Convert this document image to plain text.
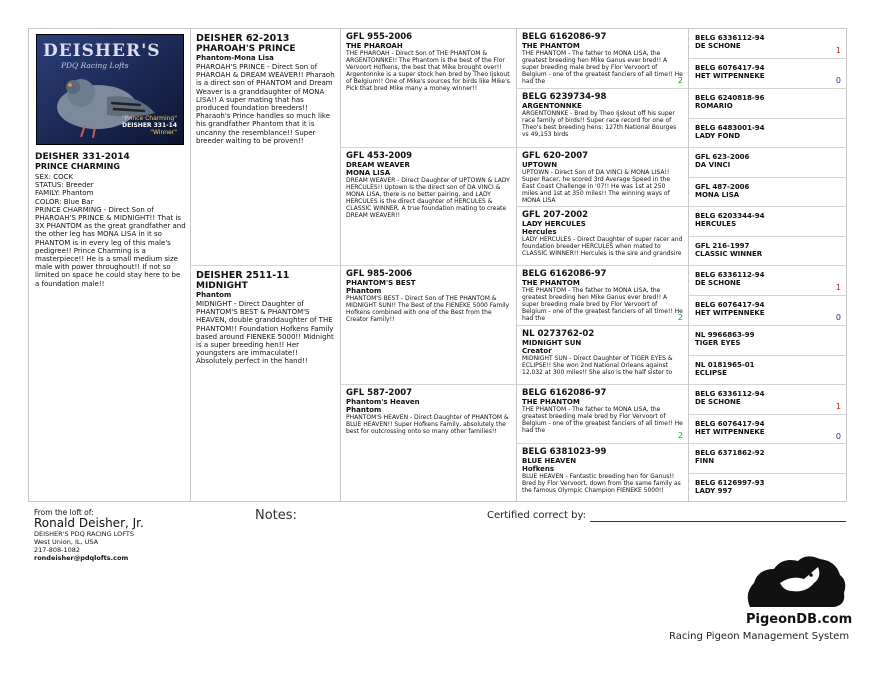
DEISHER'S
PDQ Racing Lofts
"Prince Charming"
DEISHER 331-14
"Winner"
DEISHER 331-2014
PRINCE CHARMING
SEX: COCK
STATUS: Breeder
FAMILY: Phantom
COLOR: Blue Bar
PRINCE CHARMING - Direct Son of PHAROAH'S PRINCE & MIDNIGHT!! That is 3X PHANTOM as the great grandfather and the other leg has MONA LISA in it so PHANTOM is in every leg of this male's pedigree!! Prince Charming is a masterpiece!! He is a small medium size male with power throughout!! If not so limited on space he could stay here to be a foundation male!!
DEISHER 62-2013
PHAROAH'S PRINCE
Phantom-Mona Lisa
PHAROAH'S PRINCE - Direct Son of PHAROAH & DREAM WEAVER!! Pharaoh is a direct son of PHANTOM and Dream Weaver is a granddaughter of MONA LISA!! A super mating that has produced foundation breeders!! Pharaoh's Prince handles so much like his grandfather Phantom that it is uncanny the resemblance!! Super breeder waiting to be proven!!
DEISHER 2511-11
MIDNIGHT
Phantom
MIDNIGHT - Direct Daughter of PHANTOM'S BEST & PHANTOM'S HEAVEN, double granddaughter of THE PHANTOM!! Foundation Hofkens Family based around FIENEKE 5000!! Midnight is a super breeding hen!! Her youngsters are immaculate!! Absolutely perfect in the hand!!
GFL 955-2006
THE PHAROAH
THE PHAROAH - Direct Son of THE PHANTOM & ARGENTONNKE!! The Phantom is the best of the Flor Vervoort Hofkens, the best that Mike brought over!! Argentonnke is a super stock hen bred by Theo Ijskout of Belgium!! One of Mike's sources for birds like Mike's Pick that bred Mike many a money winner!!
GFL 453-2009
DREAM WEAVER
MONA LISA
DREAM WEAVER - Direct Daughter of UPTOWN & LADY HERCULES!! Uptown is the direct son of DA VINCI & MONA LISA, there is no better pairing, and LADY HERCULES is the direct daughter of HERCULES & CLASSIC WINNER. A true foundation mating to create DREAM WEAVER!!
GFL 985-2006
PHANTOM'S BEST
Phantom
PHANTOM'S BEST - Direct Son of THE PHANTOM & MIDNIGHT SUN!! The Best of the FIENEKE 5000 Family Hofkens combined with one of the Best from the Creator Family!!
GFL 587-2007
Phantom's Heaven
Phantom
PHANTOM'S HEAVEN - Direct Daughter of PHANTOM & BLUE HEAVEN!! Super Hofkens Family, absolutely the best for outcrossing onto so many other families!!
BELG 6162086-97
THE PHANTOM
THE PHANTOM - The father to MONA LISA, the greatest breeding hen Mike Ganus ever bred!! A super breeding male bred by Flor Vervoort of Belgium - one of the greatest fanciers of all time!! He had the	2
BELG 6239734-98
ARGENTONNKE
ARGENTONNKE - Bred by Theo Ijskout off his super race family of birds!! Super race record for one of Theo's best breeding hens: 127th National Bourges vs 49,153 birds
GFL 620-2007
UPTOWN
UPTOWN - Direct Son of DA VINCI & MONA LISA!! Super Racer, he scored 3rd Average Speed in the East Coast Challenge in '07!! He was 1st at 250 miles and 1st at 350 miles!! The winning ways of MONA LISA
GFL 207-2002
LADY HERCULES
Hercules
LADY HERCULES - Direct Daughter of super racer and foundation breeder HERCULES when mated to CLASSIC WINNER!! Hercules is the sire and grandsire
BELG 6162086-97
THE PHANTOM
THE PHANTOM - The father to MONA LISA, the greatest breeding hen Mike Ganus ever bred!! A super breeding male bred by Flor Vervoort of Belgium - one of the greatest fanciers of all time!! He had the	2
NL 0273762-02
MIDNIGHT SUN
Creator
MIDNIGHT SUN - Direct Daughter of TIGER EYES & ECLIPSE!! She won 2nd National Orleans against 12,032 at 300 miles!! She also is the half sister to
BELG 6162086-97
THE PHANTOM
THE PHANTOM - The father to MONA LISA, the greatest breeding male bred by Flor Vervoort of Belgium - one of the greatest fanciers of all time!! He had the
2
BELG 6381023-99
BLUE HEAVEN
Hofkens
BLUE HEAVEN - Fantastic breeding hen for Ganus!! Bred by Flor Vervoort, down from the same family as the famous Olympic Champion FIENEKE 5000!!
BELG 6336112-94
DE SCHONE	1
BELG 6076417-94
HET WITPENNEKE	0
BELG 6240818-96
ROMARIO
BELG 6483001-94
LADY FOND
GFL 623-2006
DA VINCI
GFL 487-2006
MONA LISA
BELG 6203344-94
HERCULES
GFL 216-1997
CLASSIC WINNER
BELG 6336112-94
DE SCHONE	1
BELG 6076417-94
HET WITPENNEKE	0
NL 9966863-99
TIGER EYES
NL 0181965-01
ECLIPSE
BELG 6336112-94
DE SCHONE	1
BELG 6076417-94
HET WITPENNEKE	0
BELG 6371862-92
FINN
BELG 6126997-93
LADY 997
From the loft of:
Ronald Deisher, Jr.
DEISHER'S PDQ RACING LOFTS
West Union, IL, USA
217-808-1082
rondeisher@pdqlofts.com
Notes:	Certified correct by:
PigeonDB.com
Racing Pigeon Management System
